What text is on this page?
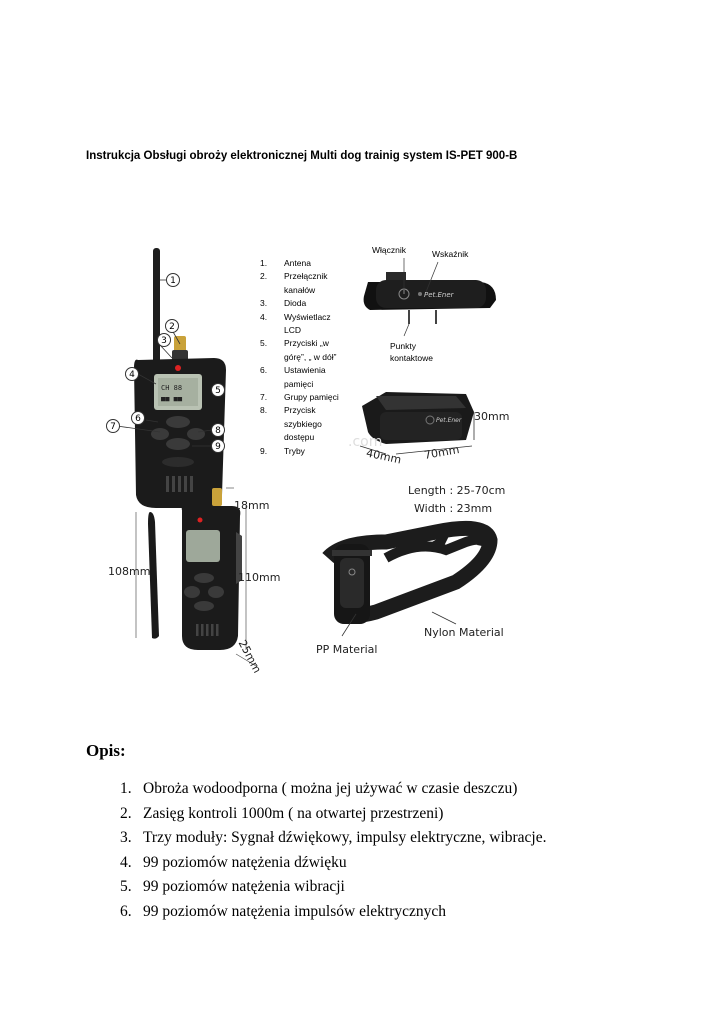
Instrukcja Obsługi obroży elektronicznej Multi dog trainig system IS-PET 900-B
CH 88
■■ ■■
1
2
3
4
5
6
7	8
9
Pet.Ener
Pet.Ener
.com
1.	Antena
2.	Przełącznik kanałów
3.	Dioda
4.	Wyświetlacz LCD
5.	Przyciski „w górę”, „ w dół”
6.	Ustawienia pamięci
7.	Grupy pamięci
8.	Przycisk szybkiego dostępu
9.	Tryby
Włącznik	Wskaźnik
Punkty kontaktowe
30mm
40mm 70mm
Length : 25-70cm
Width : 23mm
108mm
18mm
110mm
25mm
Nylon Material
PP Material
Opis:
1. Obroża wodoodporna ( można jej używać w czasie deszczu)
2. Zasięg kontroli 1000m ( na otwartej przestrzeni)
3. Trzy moduły: Sygnał dźwiękowy, impulsy elektryczne, wibracje.
4. 99 poziomów natężenia dźwięku
5. 99 poziomów natężenia wibracji
6. 99 poziomów natężenia impulsów elektrycznych
